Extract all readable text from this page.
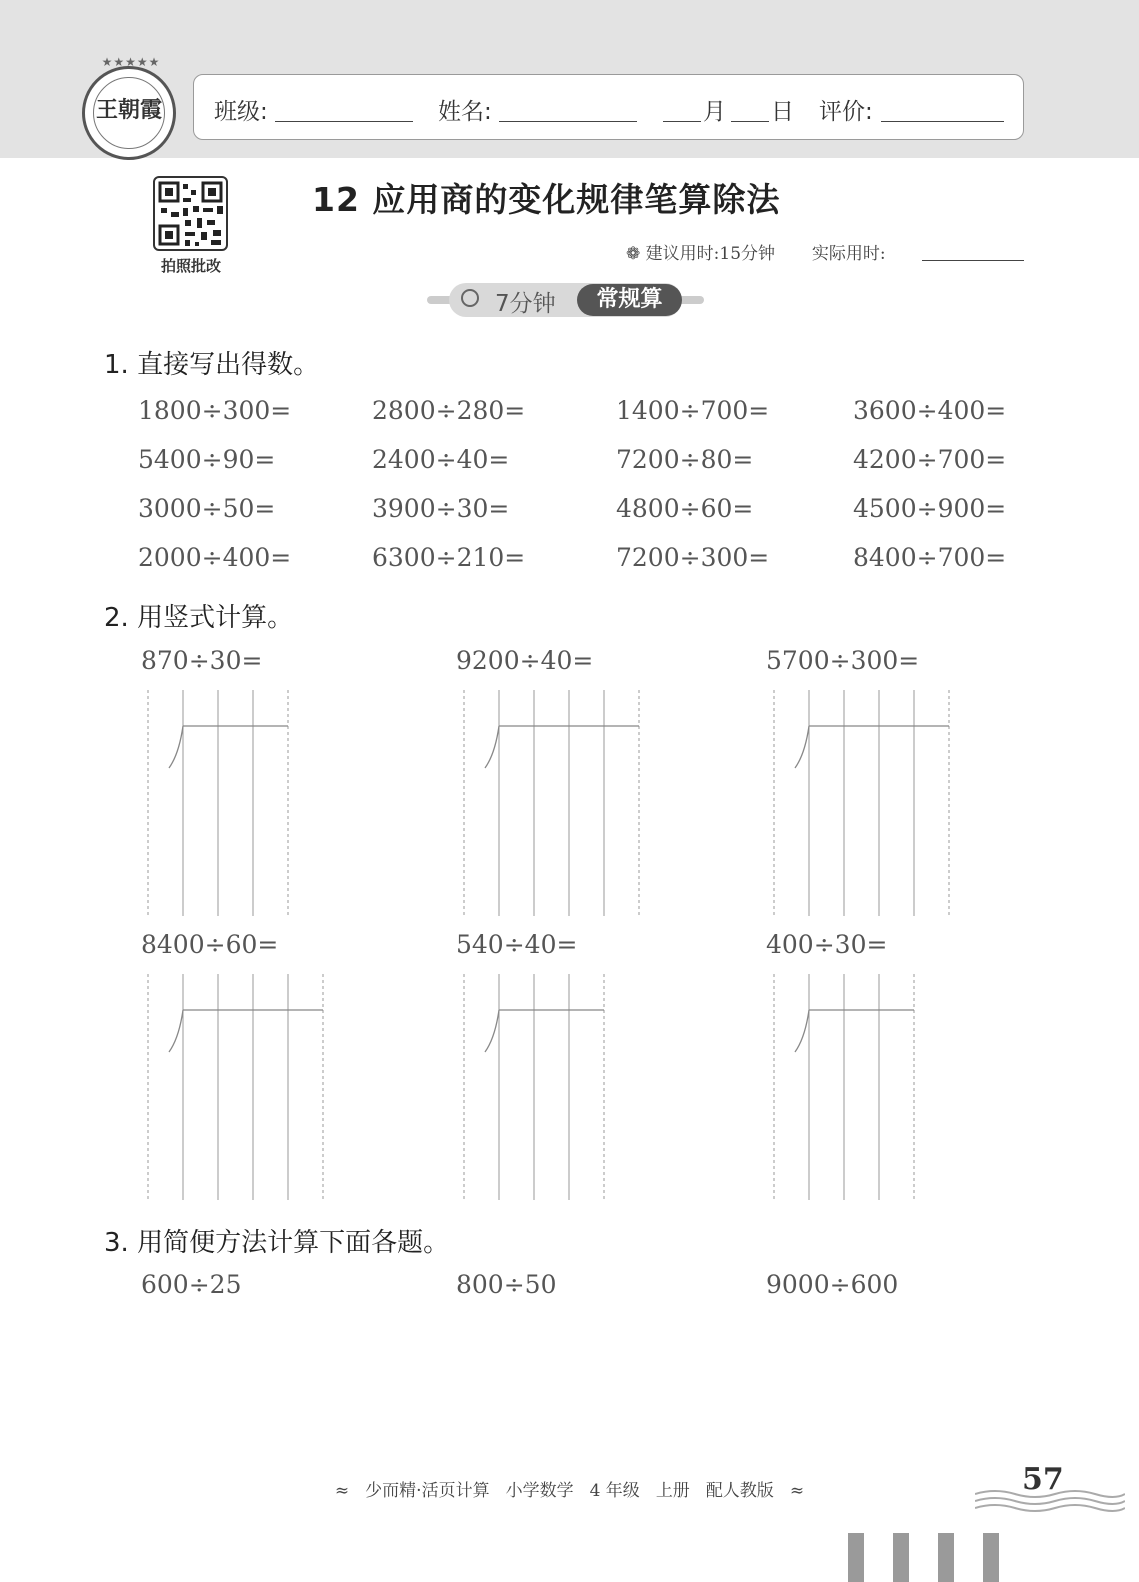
★★★★★
王朝霞	班级:	姓名:	月 日 评价:
拍照批改
12 应用商的变化规律笔算除法
❁ 建议用时:15分钟 实际用时:
7分钟	常规算
1. 直接写出得数。
1800÷300=	2800÷280=	1400÷700=	3600÷400=
5400÷90=	2400÷40=	7200÷80=	4200÷700=
3000÷50=	3900÷30=	4800÷60=	4500÷900=
2000÷400=	6300÷210=	7200÷300=	8400÷700=
2. 用竖式计算。
870÷30=	9200÷40=	5700÷300=
8400÷60=	540÷40=	400÷30=
3. 用简便方法计算下面各题。
600÷25	800÷50	9000÷600
≈ 少而精·活页计算 小学数学 4 年级 上册 配人教版 ≈	57
